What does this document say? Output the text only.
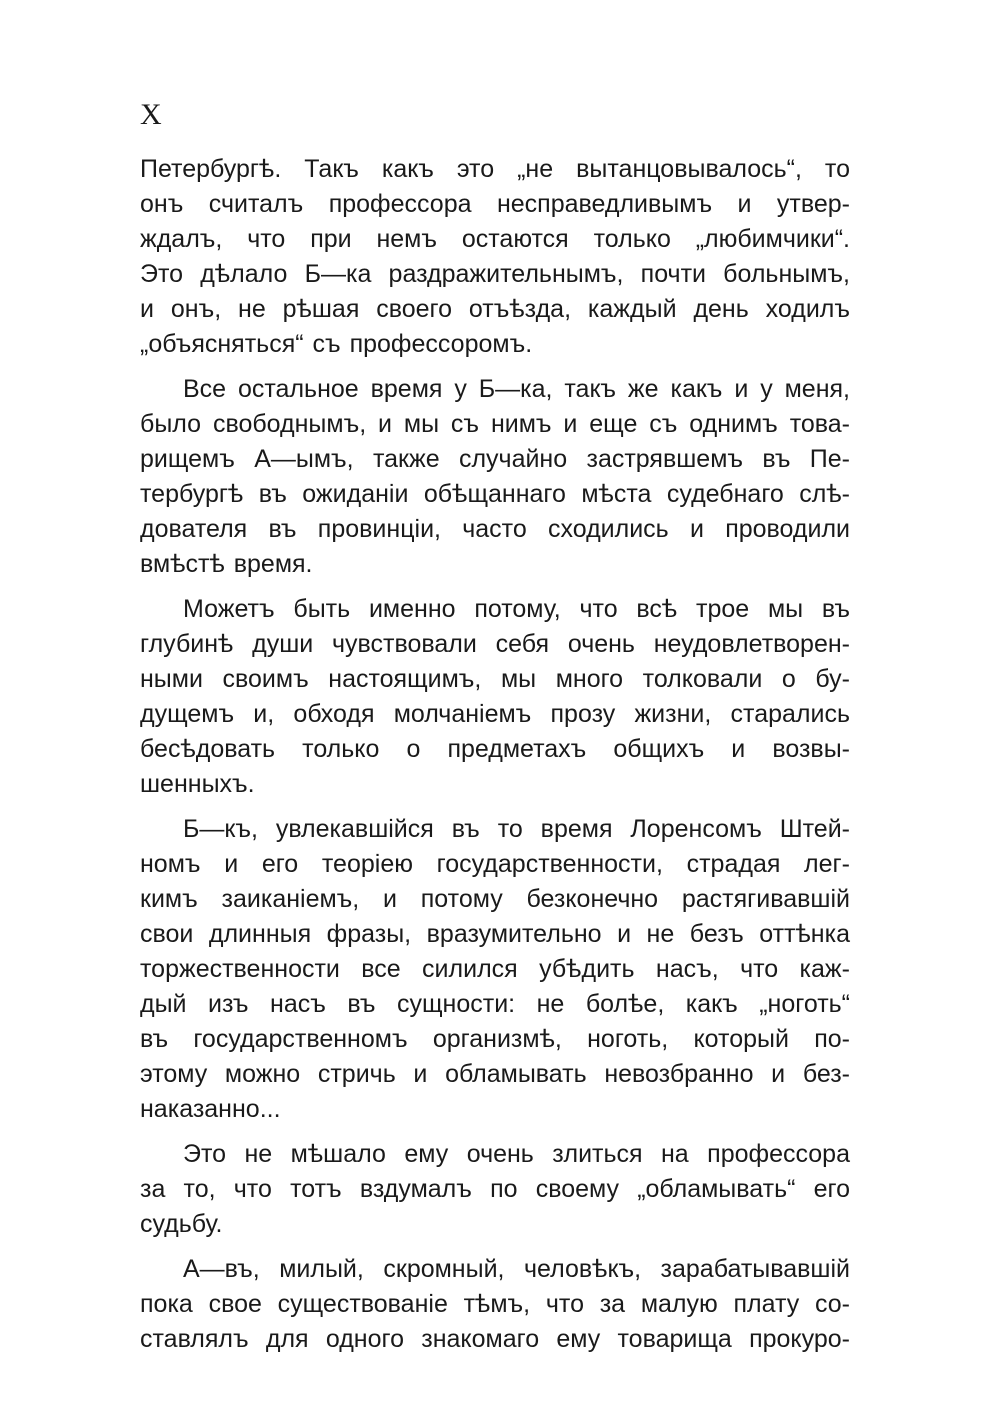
X

Петербургѣ. Такъ какъ это „не вытанцовывалось“, то
онъ считалъ профессора несправедливымъ и утвер-
ждалъ, что при немъ остаются только „любимчики“.
Это дѣлало Б—ка раздражительнымъ, почти больнымъ,
и онъ, не рѣшая своего отъѣзда, каждый день ходилъ
„объясняться“ съ профессоромъ.

Все остальное время у Б—ка, такъ же какъ и у меня,
было свободнымъ, и мы съ нимъ и еще съ однимъ това-
рищемъ А—ымъ, также случайно застрявшемъ въ Пе-
тербургѣ въ ожиданіи обѣщаннаго мѣста судебнаго слѣ-
дователя въ провинціи, часто сходились и проводили
вмѣстѣ время.

Можетъ быть именно потому, что всѣ трое мы въ
глубинѣ души чувствовали себя очень неудовлетворен-
ными своимъ настоящимъ, мы много толковали о бу-
дущемъ и, обходя молчаніемъ прозу жизни, старались
бесѣдовать только о предметахъ общихъ и возвы-
шенныхъ.

Б—къ, увлекавшійся въ то время Лоренсомъ Штей-
номъ и его теоріею государственности, страдая лег-
кимъ заиканіемъ, и потому безконечно растягивавшій
свои длинныя фразы, вразумительно и не безъ оттѣнка
торжественности все силился убѣдить насъ, что каж-
дый изъ насъ въ сущности: не болѣе, какъ „ноготь“
въ государственномъ организмѣ, ноготь, который по-
этому можно стричь и обламывать невозбранно и без-
наказанно...

Это не мѣшало ему очень злиться на профессора
за то, что тотъ вздумалъ по своему „обламывать“ его
судьбу.

А—въ, милый, скромный, человѣкъ, зарабатывавшій
пока свое существованіе тѣмъ, что за малую плату со-
ставлялъ для одного знакомаго ему товарища прокуро-
